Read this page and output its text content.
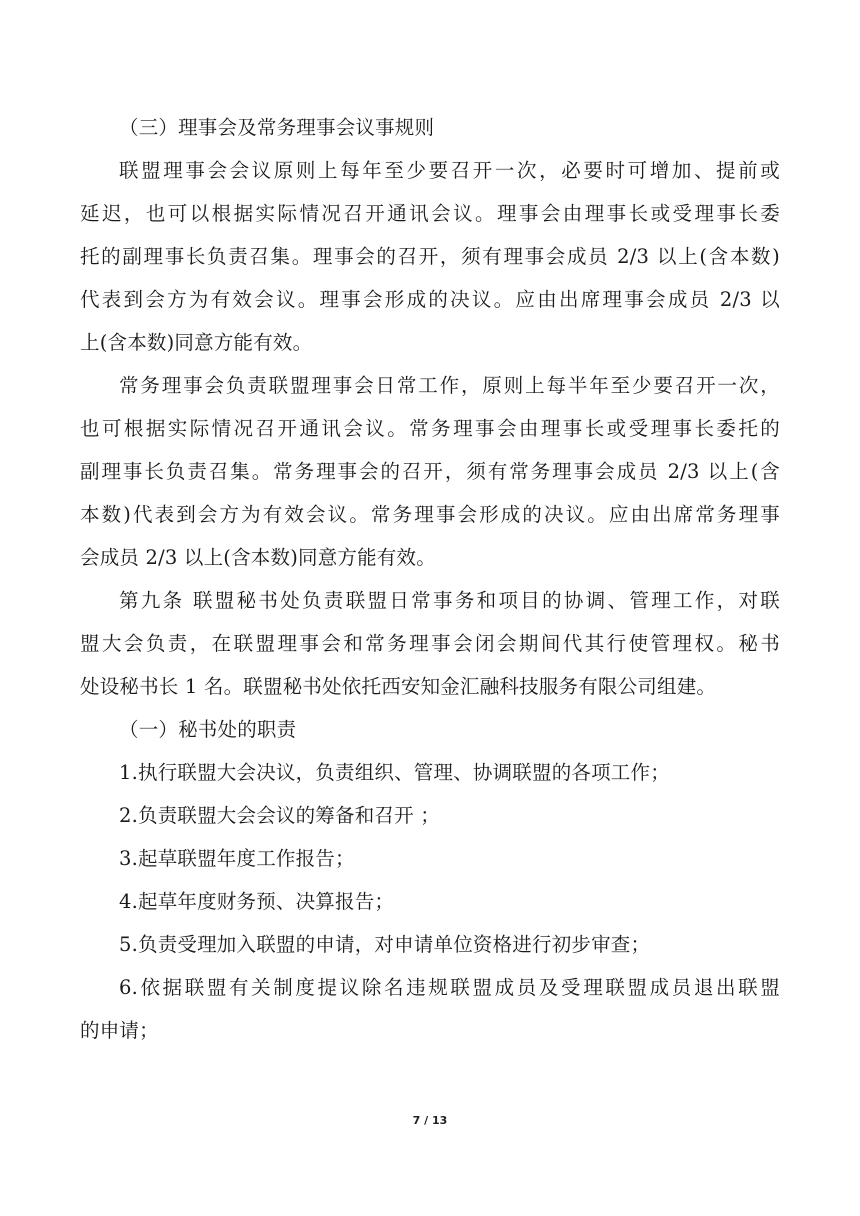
（三）理事会及常务理事会议事规则
联盟理事会会议原则上每年至少要召开一次，必要时可增加、提前或
延迟，也可以根据实际情况召开通讯会议。理事会由理事长或受理事长委
托的副理事长负责召集。理事会的召开，须有理事会成员 2/3 以上(含本数)
代表到会方为有效会议。理事会形成的决议。应由出席理事会成员 2/3 以
上(含本数)同意方能有效。
常务理事会负责联盟理事会日常工作，原则上每半年至少要召开一次，
也可根据实际情况召开通讯会议。常务理事会由理事长或受理事长委托的
副理事长负责召集。常务理事会的召开，须有常务理事会成员 2/3 以上(含
本数)代表到会方为有效会议。常务理事会形成的决议。应由出席常务理事
会成员 2/3 以上(含本数)同意方能有效。
第九条 联盟秘书处负责联盟日常事务和项目的协调、管理工作，对联
盟大会负责，在联盟理事会和常务理事会闭会期间代其行使管理权。秘书
处设秘书长 1 名。联盟秘书处依托西安知金汇融科技服务有限公司组建。
（一）秘书处的职责
1.执行联盟大会决议，负责组织、管理、协调联盟的各项工作；
2.负责联盟大会会议的筹备和召开 ；
3.起草联盟年度工作报告；
4.起草年度财务预、决算报告；
5.负责受理加入联盟的申请，对申请单位资格进行初步审查；
6.依据联盟有关制度提议除名违规联盟成员及受理联盟成员退出联盟
的申请；
7 / 13
